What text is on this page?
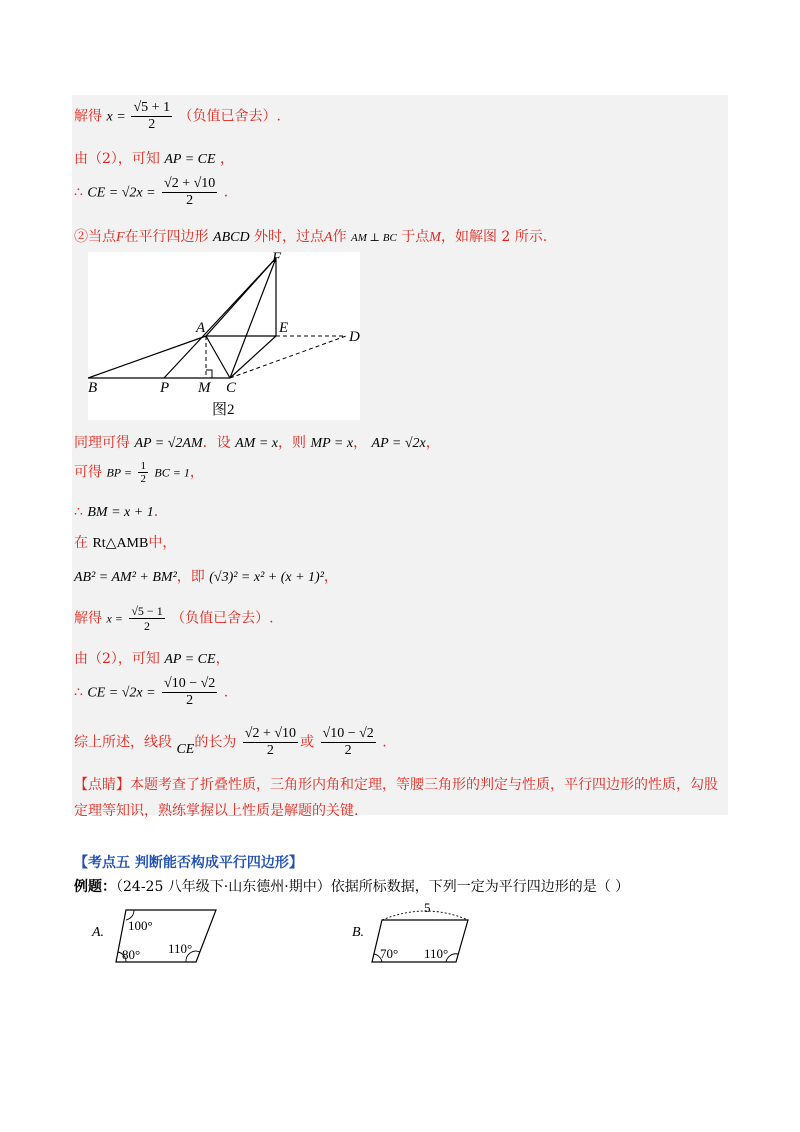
解得 $x = \frac{√5 + 1}{2}$ （负值已舍去）.
由（2），可知 AP = CE ，
∴ CE = $√2x = \frac{√2 + √10}{2}$ .
②当点F在平行四边形 ABCD 外时，过点A作 AM ⊥ BC 于点M，如解图 2 所示.
F
A	E
D
B	P M C
图2
同理可得 AP = √2AM．设 AM = x，则 MP = x， AP = √2x，
可得 BP = $\frac{1}{2}$ BC = 1，
∴ BM = x + 1.
在 Rt△AMB中，
AB² = AM² + BM²，即 (√3)² = x² + (x + 1)²，
解得 $x = \frac{√5 - 1}{2}$ （负值已舍去）.
由（2），可知 AP = CE，
∴ CE = $√2x = \frac{√10 - √2}{2}$ .
综上所述，线段 CE的长为 $\frac{√2 + √10}{2}$ 或 $\frac{√10 - √2}{2}$ .
【点睛】本题考查了折叠性质，三角形内角和定理，等腰三角形的判定与性质，平行四边形的性质，勾股
定理等知识，熟练掌握以上性质是解题的关键.
【考点五 判断能否构成平行四边形】
例题：（24-25 八年级下·山东德州·期中）依据所标数据，下列一定为平行四边形的是（ ）
A. 100°
80° 110°
B.
5
70° 110°
